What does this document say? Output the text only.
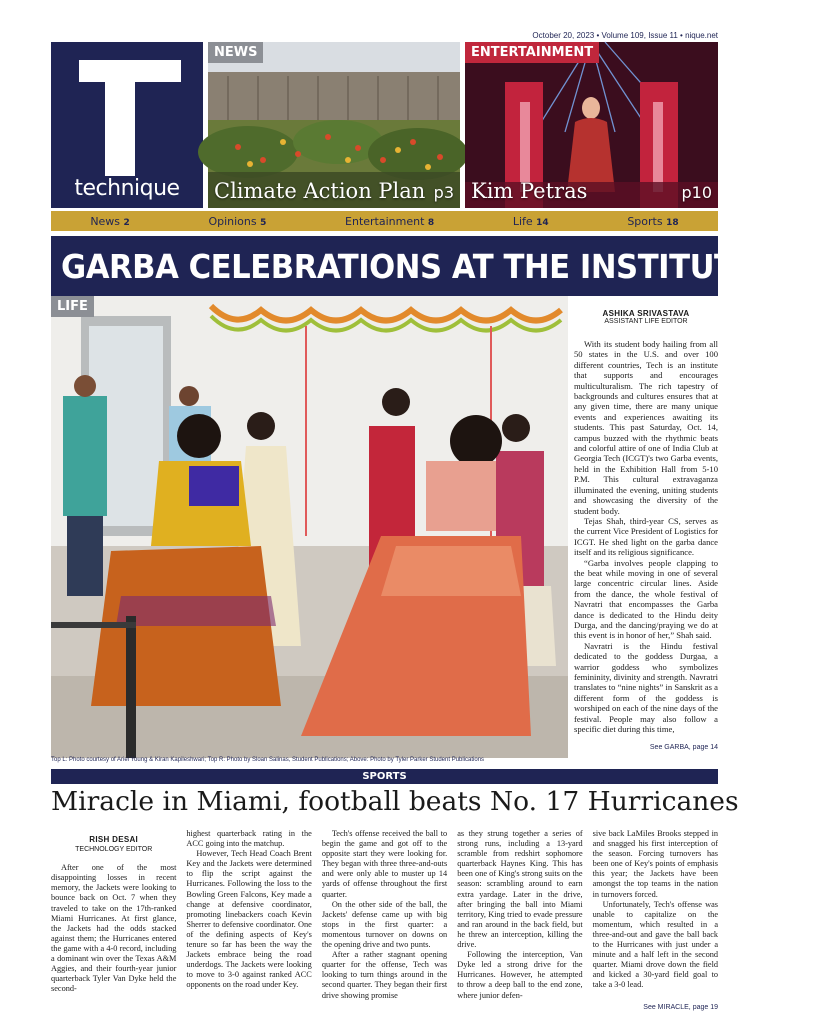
October 20, 2023 • Volume 109, Issue 11 • nique.net
technique
NEWS
Climate Action Plan p3
ENTERTAINMENT
Kim Petras	p10
News 2	Opinions 5	Entertainment 8	Life 14	Sports 18
GARBA CELEBRATIONS AT THE INSTITUTE p14
LIFE
Top L: Photo courtesy of Ariel Young & Kiran Kapileshwari; Top R: Photo by Sloan Salinas, Student Publications; Above: Photo by Tyler Parker Student Publications
ASHIKA SRIVASTAVA
ASSISTANT LIFE EDITOR

With its student body hailing from all 50 states in the U.S. and over 100 different countries, Tech is an institute that supports and encourages multiculturalism. The rich tapestry of backgrounds and cultures ensures that at any given time, there are many unique events and experiences awaiting its students. This past Saturday, Oct. 14, campus buzzed with the rhythmic beats and colorful attire of one of India Club at Georgia Tech (ICGT)'s two Garba events, held in the Exhibition Hall from 5-10 P.M. This cultural extravaganza illuminated the evening, uniting students and showcasing the diversity of the student body.

Tejas Shah, third-year CS, serves as the current Vice President of Logistics for ICGT. He shed light on the garba dance itself and its religious significance.

“Garba involves people clapping to the beat while moving in one of several large concentric circular lines. Aside from the dance, the whole festival of Navratri that encompasses the Garba dance is dedicated to the Hindu deity Durga, and the dancing/praying we do at this event is in honor of her,” Shah said.

Navratri is the Hindu festival dedicated to the goddess Durgaa, a warrior goddess who symbolizes femininity, divinity and strength. Navratri translates to “nine nights” in Sanskrit as a different form of the goddess is worshiped on each of the nine days of the festival. People may also follow a specific diet during this time,

See GARBA, page 14
SPORTS
Miracle in Miami, football beats No. 17 Hurricanes
RISH DESAI
TECHNOLOGY EDITOR

After one of the most disappointing losses in recent memory, the Jackets were looking to bounce back on Oct. 7 when they traveled to take on the 17th-ranked Miami Hurricanes. At first glance, the Jackets had the odds stacked against them; the Hurricanes entered the game with a 4-0 record, including a dominant win over the Texas A&M Aggies, and their fourth-year junior quarterback Tyler Van Dyke held the second-

highest quarterback rating in the ACC going into the matchup.

However, Tech Head Coach Brent Key and the Jackets were determined to flip the script against the Hurricanes. Following the loss to the Bowling Green Falcons, Key made a change at defensive coordinator, promoting linebackers coach Kevin Sherrer to defensive coordinator. One of the defining aspects of Key's tenure so far has been the way the Jackets embrace being the road underdogs. The Jackets were looking to move to 3-0 against ranked ACC opponents on the road under Key.

Tech's offense received the ball to begin the game and got off to the opposite start they were looking for. They began with three three-and-outs and were only able to muster up 14 yards of offense throughout the first quarter.

On the other side of the ball, the Jackets' defense came up with big stops in the first quarter: a momentous turnover on downs on the opening drive and two punts.

After a rather stagnant opening quarter for the offense, Tech was looking to turn things around in the second quarter. They began their first drive showing promise

as they strung together a series of strong runs, including a 13-yard scramble from redshirt sophomore quarterback Haynes King. This has been one of King's strong suits on the season: scrambling around to earn extra yardage. Later in the drive, after bringing the ball into Miami territory, King tried to evade pressure and ran around in the back field, but he threw an interception, killing the drive.

Following the interception, Van Dyke led a strong drive for the Hurricanes. However, he attempted to throw a deep ball to the end zone, where junior defen-

sive back LaMiles Brooks stepped in and snagged his first interception of the season. Forcing turnovers has been one of Key's points of emphasis this year; the Jackets have been amongst the top teams in the nation in turnovers forced.

Unfortunately, Tech's offense was unable to capitalize on the momentum, which resulted in a three-and-out and gave the ball back to the Hurricanes with just under a minute and a half left in the second quarter. Miami drove down the field and kicked a 30-yard field goal to take a 3-0 lead.

See MIRACLE, page 19
